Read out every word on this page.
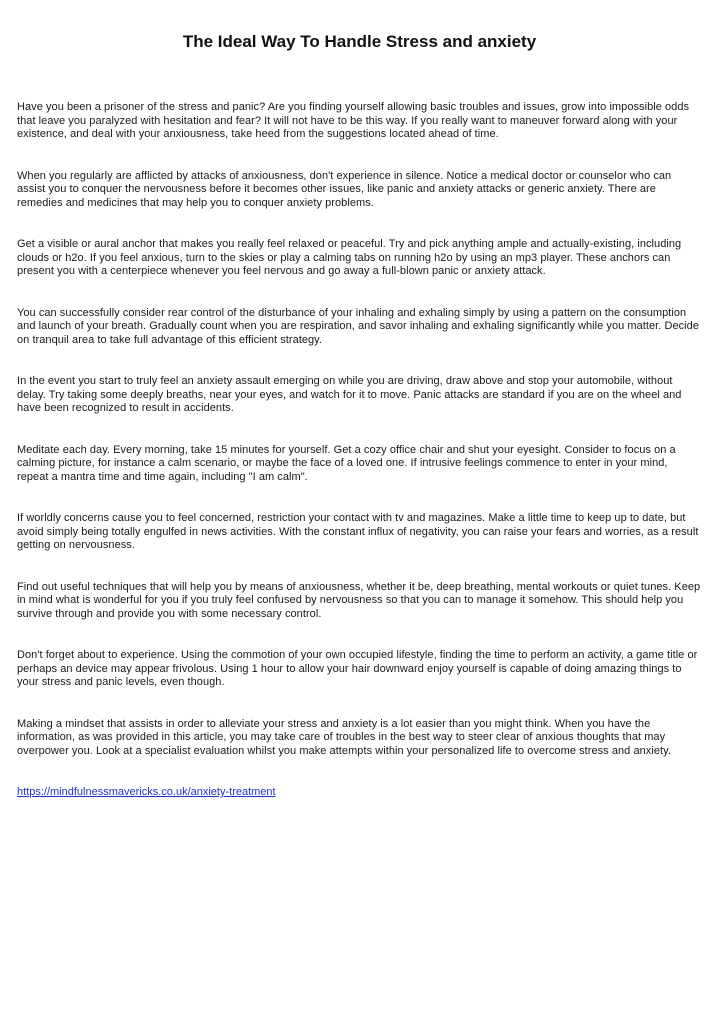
The Ideal Way To Handle Stress and anxiety

Have you been a prisoner of the stress and panic? Are you finding yourself allowing basic troubles and issues, grow into impossible odds that leave you paralyzed with hesitation and fear? It will not have to be this way. If you really want to maneuver forward along with your existence, and deal with your anxiousness, take heed from the suggestions located ahead of time.

When you regularly are afflicted by attacks of anxiousness, don't experience in silence. Notice a medical doctor or counselor who can assist you to conquer the nervousness before it becomes other issues, like panic and anxiety attacks or generic anxiety. There are remedies and medicines that may help you to conquer anxiety problems.

Get a visible or aural anchor that makes you really feel relaxed or peaceful. Try and pick anything ample and actually-existing, including clouds or h2o. If you feel anxious, turn to the skies or play a calming tabs on running h2o by using an mp3 player. These anchors can present you with a centerpiece whenever you feel nervous and go away a full-blown panic or anxiety attack.

You can successfully consider rear control of the disturbance of your inhaling and exhaling simply by using a pattern on the consumption and launch of your breath. Gradually count when you are respiration, and savor inhaling and exhaling significantly while you matter. Decide on tranquil area to take full advantage of this efficient strategy.

In the event you start to truly feel an anxiety assault emerging on while you are driving, draw above and stop your automobile, without delay. Try taking some deeply breaths, near your eyes, and watch for it to move. Panic attacks are standard if you are on the wheel and have been recognized to result in accidents.

Meditate each day. Every morning, take 15 minutes for yourself. Get a cozy office chair and shut your eyesight. Consider to focus on a calming picture, for instance a calm scenario, or maybe the face of a loved one. If intrusive feelings commence to enter in your mind, repeat a mantra time and time again, including "I am calm".

If worldly concerns cause you to feel concerned, restriction your contact with tv and magazines. Make a little time to keep up to date, but avoid simply being totally engulfed in news activities. With the constant influx of negativity, you can raise your fears and worries, as a result getting on nervousness.

Find out useful techniques that will help you by means of anxiousness, whether it be, deep breathing, mental workouts or quiet tunes. Keep in mind what is wonderful for you if you truly feel confused by nervousness so that you can to manage it somehow. This should help you survive through and provide you with some necessary control.

Don't forget about to experience. Using the commotion of your own occupied lifestyle, finding the time to perform an activity, a game title or perhaps an device may appear frivolous. Using 1 hour to allow your hair downward enjoy yourself is capable of doing amazing things to your stress and panic levels, even though.

Making a mindset that assists in order to alleviate your stress and anxiety is a lot easier than you might think. When you have the information, as was provided in this article, you may take care of troubles in the best way to steer clear of anxious thoughts that may overpower you. Look at a specialist evaluation whilst you make attempts within your personalized life to overcome stress and anxiety.

https://mindfulnessmavericks.co.uk/anxiety-treatment
